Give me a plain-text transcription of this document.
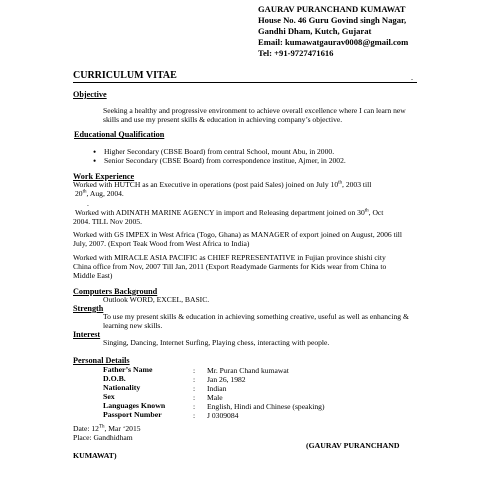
GAURAV PURANCHAND KUMAWAT
House No. 46 Guru Govind singh Nagar,
Gandhi Dham, Kutch, Gujarat
Email: kumawatgaurav0008@gmail.com
Tel: +91-9727471616
CURRICULUM VITAE	.
Objective
Seeking a healthy and progressive environment to achieve overall excellence where I can learn new
skills and use my present skills & education in achieving company’s objective.
Educational Qualification
• Higher Secondary (CBSE Board) from central School, mount Abu, in 2000.
• Senior Secondary (CBSE Board) from correspondence institue, Ajmer, in 2002.
Work Experience
Worked with HUTCH as an Executive in operations (post paid Sales) joined on July 10th, 2003 till
20th, Aug, 2004.
.
Worked with ADINATH MARINE AGENCY in import and Releasing department joined on 30th, Oct
2004. TILL Nov 2005.
Worked with GS IMPEX in West Africa (Togo, Ghana) as MANAGER of export joined on August, 2006 till
July, 2007. (Export Teak Wood from West Africa to India)
Worked with MIRACLE ASIA PACIFIC as CHIEF REPRESENTATIVE in Fujian province shishi city
China office from Nov, 2007 Till Jan, 2011 (Export Readymade Garments for Kids wear from China to
Middle East)
Computers Background
Outlook WORD, EXCEL, BASIC.
Strength
To use my present skills & education in achieving something creative, useful as well as enhancing &
learning new skills.
Interest
Singing, Dancing, Internet Surfing, Playing chess, interacting with people.
Personal Details
Father’s Name	: Mr. Puran Chand kumawat
D.O.B.	: Jan 26, 1982
Nationality	: Indian
Sex	: Male
Languages Known	: English, Hindi and Chinese (speaking)
Passport Number	: J 0309084
Date: 12Th, Mar ‘2015
Place: Gandhidham
(GAURAV PURANCHAND
KUMAWAT)
